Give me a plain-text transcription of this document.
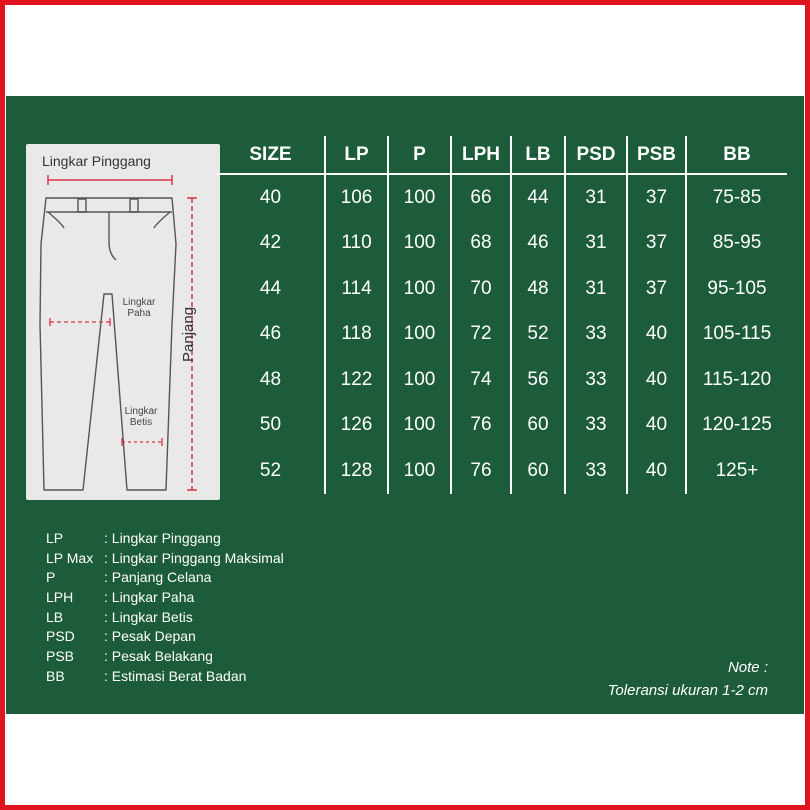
Lingkar Pinggang
Lingkar Paha
Lingkar Betis
Panjang
SIZE	LP	P	LPH	LB	PSD	PSB	BB
40	106	100	66	44	31	37	75-85
42	110	100	68	46	31	37	85-95
44	114	100	70	48	31	37	95-105
46	118	100	72	52	33	40	105-115
48	122	100	74	56	33	40	115-120
50	126	100	76	60	33	40	120-125
52	128	100	76	60	33	40	125+
LP	: Lingkar Pinggang
LP Max : Lingkar Pinggang Maksimal
P	: Panjang Celana
LPH	: Lingkar Paha
LB	: Lingkar Betis
PSD	: Pesak Depan
PSB	: Pesak Belakang
BB	: Estimasi Berat Badan	Note :
Toleransi ukuran 1-2 cm
